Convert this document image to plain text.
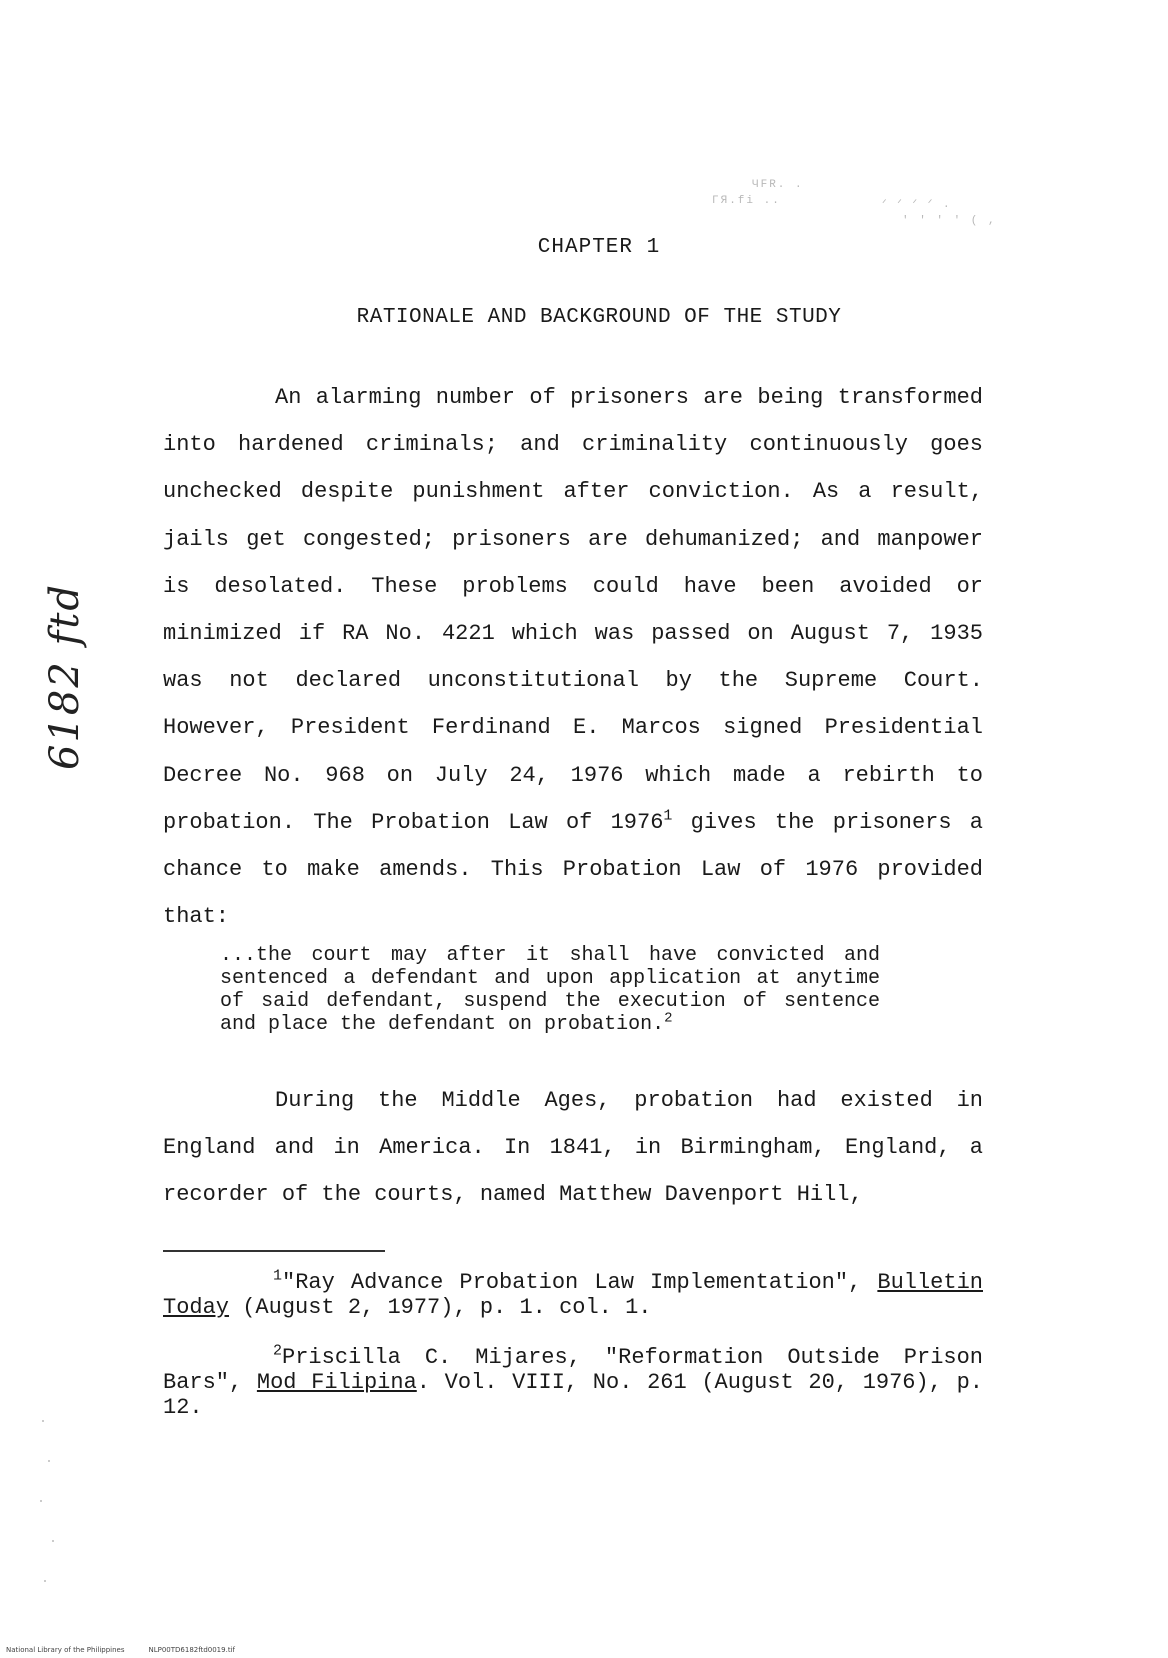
ЧFR. .
ГЯ.fi ..	ᐟ ᐟ ᐟ ᐟ .
' ' ' ' ( ,
CHAPTER 1
RATIONALE AND BACKGROUND OF THE STUDY

An alarming number of prisoners are being transformed into hardened criminals; and criminality continuously goes unchecked despite punishment after conviction. As a result, jails get congested; prisoners are dehumanized; and manpower is desolated. These problems could have been avoided or minimized if RA No. 4221 which was passed on August 7, 1935 was not declared unconstitutional by the Supreme Court. However, President Ferdinand E. Marcos signed Presidential Decree No. 968 on July 24, 1976 which made a rebirth to probation. The Probation Law of 1976$^1$ gives the prisoners a chance to make amends. This Probation Law of 1976 provided that:

...the court may after it shall have convicted and sentenced a defendant and upon application at anytime of said defendant, suspend the execution of sentence and place the defendant on probation.$^2$

During the Middle Ages, probation had existed in England and in America. In 1841, in Birmingham, England, a recorder of the courts, named Matthew Davenport Hill,

$^1$"Ray Advance Probation Law Implementation", Bulletin Today (August 2, 1977), p. 1. col. 1.

$^2$Priscilla C. Mijares, "Reformation Outside Prison Bars", Mod Filipina. Vol. VIII, No. 261 (August 20, 1976), p. 12.

6182 ftd
National Library of the Philippines	NLP00TD6182ftd0019.tif
